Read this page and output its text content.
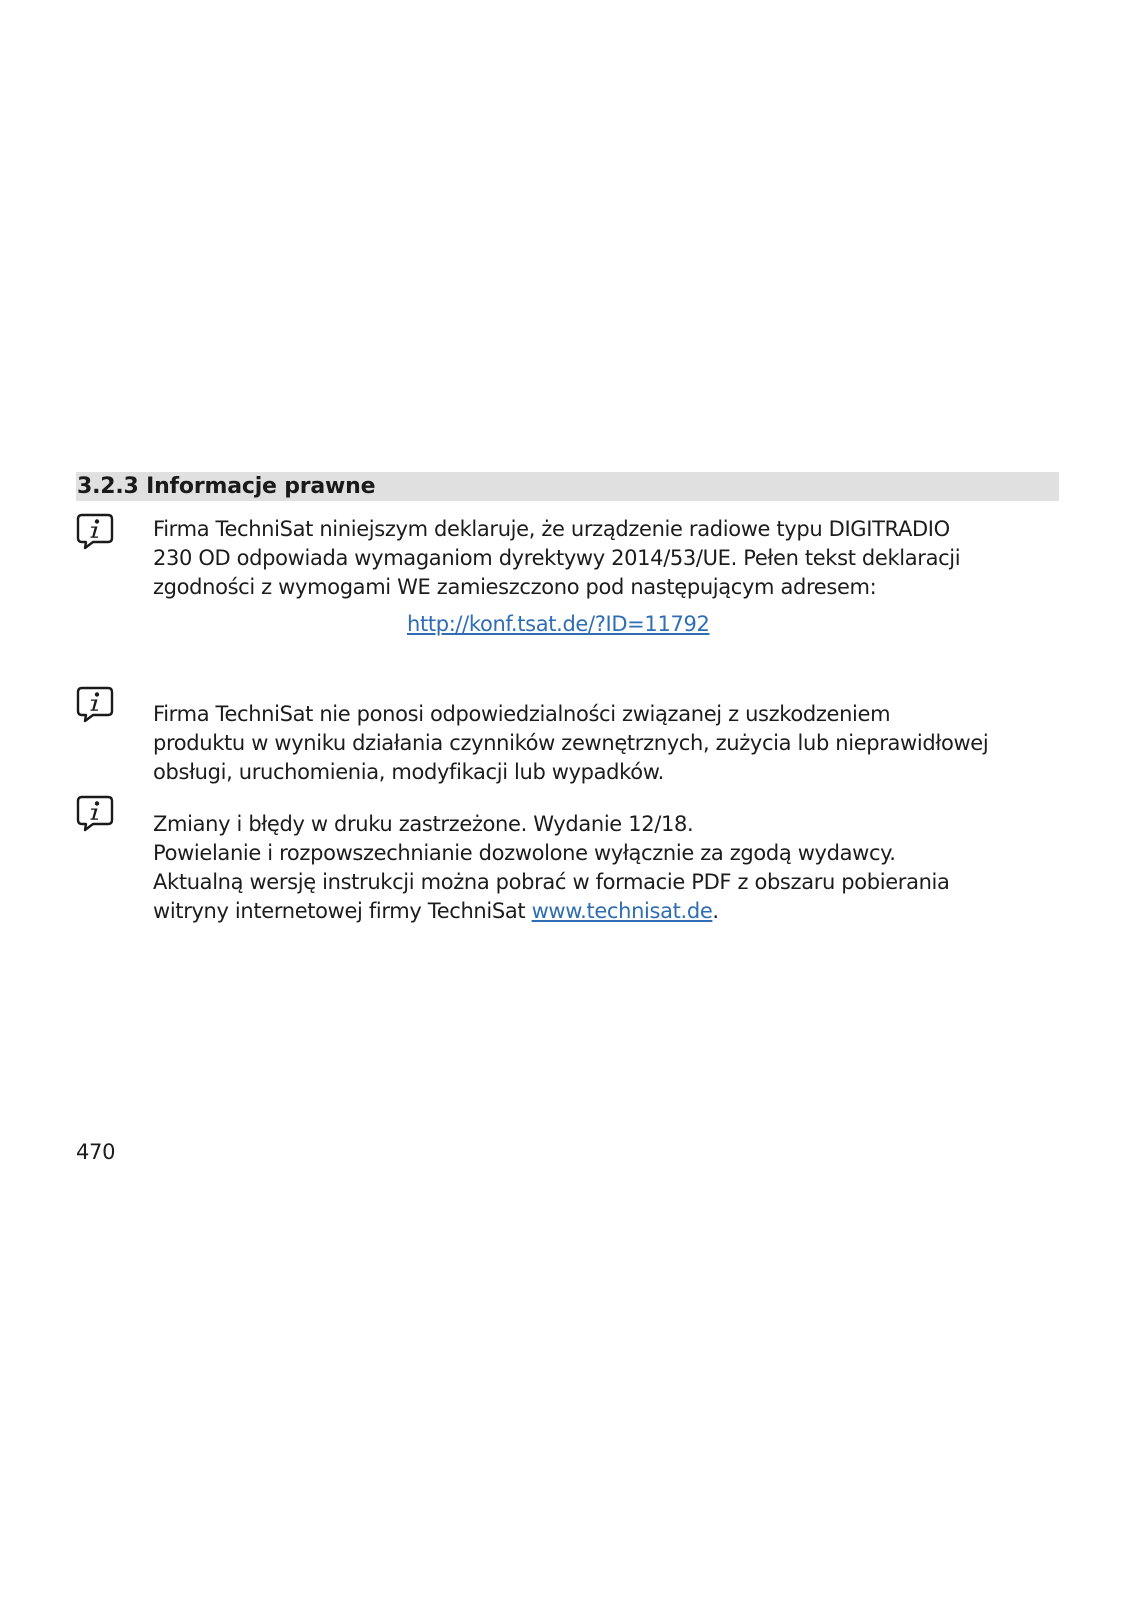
3.2.3 Informacje prawne
Firma TechniSat niniejszym deklaruje, że urządzenie radiowe typu DIGITRADIO
230 OD odpowiada wymaganiom dyrektywy 2014/53/UE. Pełen tekst deklaracji
zgodności z wymogami WE zamieszczono pod następującym adresem:
http://konf.tsat.de/?ID=11792
Firma TechniSat nie ponosi odpowiedzialności związanej z uszkodzeniem
produktu w wyniku działania czynników zewnętrznych, zużycia lub nieprawidłowej
obsługi, uruchomienia, modyfikacji lub wypadków.
Zmiany i błędy w druku zastrzeżone. Wydanie 12/18.
Powielanie i rozpowszechnianie dozwolone wyłącznie za zgodą wydawcy.
Aktualną wersję instrukcji można pobrać w formacie PDF z obszaru pobierania
witryny internetowej firmy TechniSat www.technisat.de.
470
